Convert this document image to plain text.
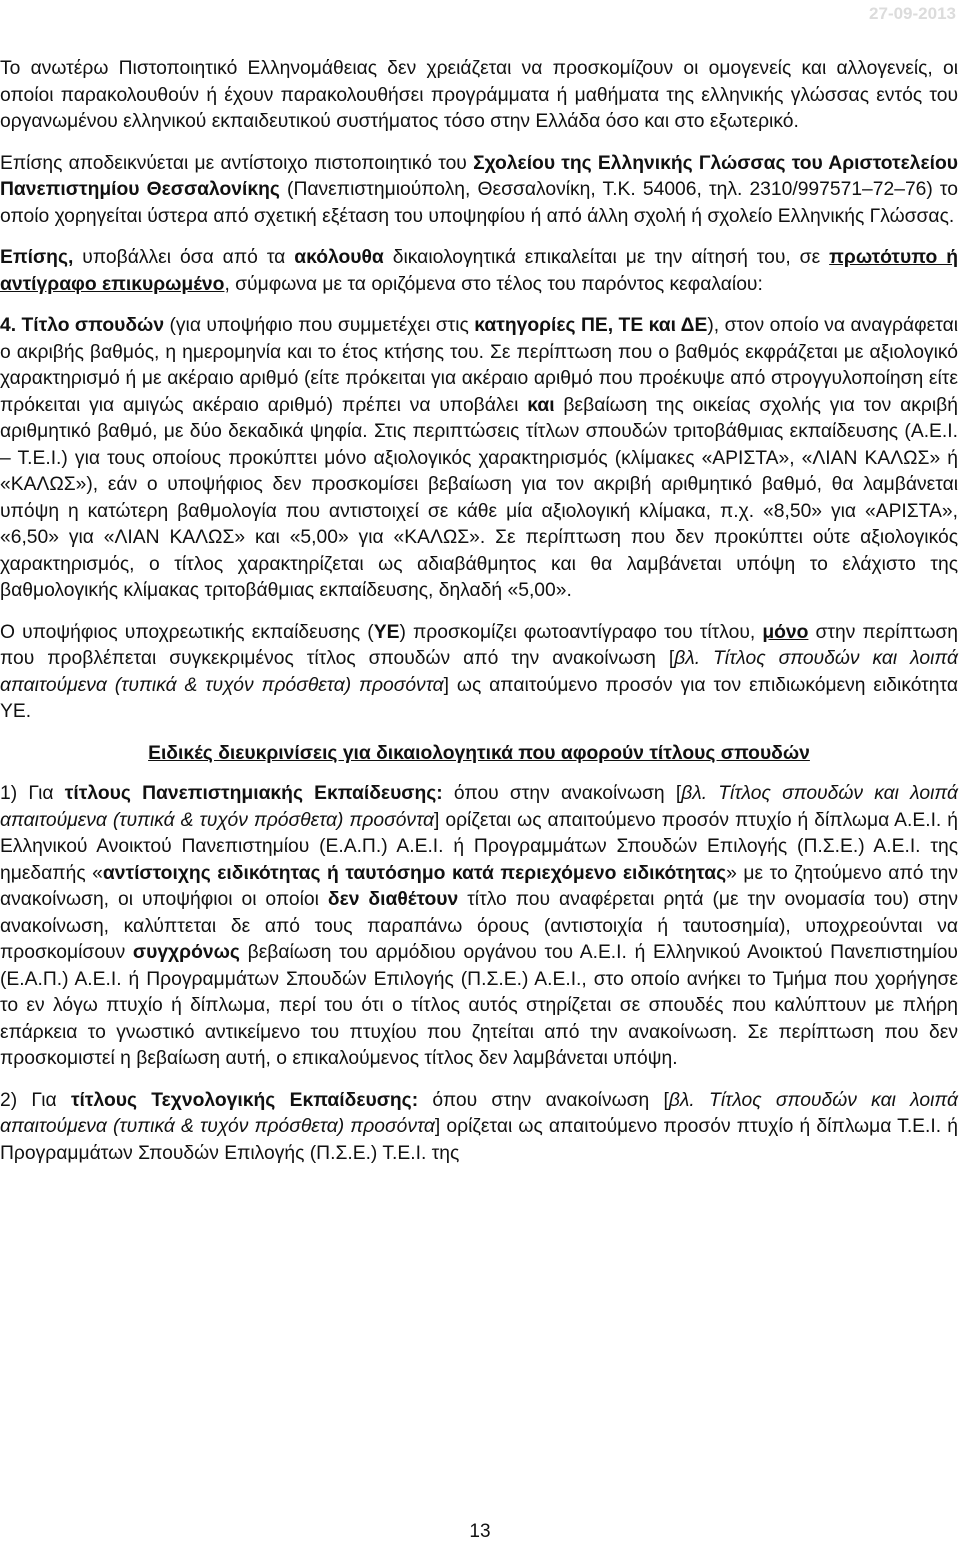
27-09-2013

Το ανωτέρω Πιστοποιητικό Ελληνομάθειας δεν χρειάζεται να προσκομίζουν οι ομογενείς και αλλογενείς, οι οποίοι παρακολουθούν ή έχουν παρακολουθήσει προγράμματα ή μαθήματα της ελληνικής γλώσσας εντός του οργανωμένου ελληνικού εκπαιδευτικού συστήματος τόσο στην Ελλάδα όσο και στο εξωτερικό.

Επίσης αποδεικνύεται με αντίστοιχο πιστοποιητικό του Σχολείου της Ελληνικής Γλώσσας του Αριστοτελείου Πανεπιστημίου Θεσσαλονίκης (Πανεπιστημιούπολη, Θεσσαλονίκη, Τ.Κ. 54006, τηλ. 2310/997571–72–76) το οποίο χορηγείται ύστερα από σχετική εξέταση του υποψηφίου ή από άλλη σχολή ή σχολείο Ελληνικής Γλώσσας.

Επίσης, υποβάλλει όσα από τα ακόλουθα δικαιολογητικά επικαλείται με την αίτησή του, σε πρωτότυπο ή αντίγραφο επικυρωμένο, σύμφωνα με τα οριζόμενα στο τέλος του παρόντος κεφαλαίου:

4. Τίτλο σπουδών (για υποψήφιο που συμμετέχει στις κατηγορίες ΠΕ, ΤΕ και ΔΕ), στον οποίο να αναγράφεται ο ακριβής βαθμός, η ημερομηνία και το έτος κτήσης του. Σε περίπτωση που ο βαθμός εκφράζεται με αξιολογικό χαρακτηρισμό ή με ακέραιο αριθμό (είτε πρόκειται για ακέραιο αριθμό που προέκυψε από στρογγυλοποίηση είτε πρόκειται για αμιγώς ακέραιο αριθμό) πρέπει να υποβάλει και βεβαίωση της οικείας σχολής για τον ακριβή αριθμητικό βαθμό, με δύο δεκαδικά ψηφία. Στις περιπτώσεις τίτλων σπουδών τριτοβάθμιας εκπαίδευσης (Α.Ε.Ι. – Τ.Ε.Ι.) για τους οποίους προκύπτει μόνο αξιολογικός χαρακτηρισμός (κλίμακες «ΑΡΙΣΤΑ», «ΛΙΑΝ ΚΑΛΩΣ» ή «ΚΑΛΩΣ»), εάν ο υποψήφιος δεν προσκομίσει βεβαίωση για τον ακριβή αριθμητικό βαθμό, θα λαμβάνεται υπόψη η κατώτερη βαθμολογία που αντιστοιχεί σε κάθε μία αξιολογική κλίμακα, π.χ. «8,50» για «ΑΡΙΣΤΑ», «6,50» για «ΛΙΑΝ ΚΑΛΩΣ» και «5,00» για «ΚΑΛΩΣ». Σε περίπτωση που δεν προκύπτει ούτε αξιολογικός χαρακτηρισμός, ο τίτλος χαρακτηρίζεται ως αδιαβάθμητος και θα λαμβάνεται υπόψη το ελάχιστο της βαθμολογικής κλίμακας τριτοβάθμιας εκπαίδευσης, δηλαδή «5,00».

Ο υποψήφιος υποχρεωτικής εκπαίδευσης (ΥΕ) προσκομίζει φωτοαντίγραφο του τίτλου, μόνο στην περίπτωση που προβλέπεται συγκεκριμένος τίτλος σπουδών από την ανακοίνωση [βλ. Τίτλος σπουδών και λοιπά απαιτούμενα (τυπικά & τυχόν πρόσθετα) προσόντα] ως απαιτούμενο προσόν για τον επιδιωκόμενη ειδικότητα ΥΕ.

Ειδικές διευκρινίσεις για δικαιολογητικά που αφορούν τίτλους σπουδών

1) Για τίτλους Πανεπιστημιακής Εκπαίδευσης: όπου στην ανακοίνωση [βλ. Τίτλος σπουδών και λοιπά απαιτούμενα (τυπικά & τυχόν πρόσθετα) προσόντα] ορίζεται ως απαιτούμενο προσόν πτυχίο ή δίπλωμα Α.Ε.Ι. ή Ελληνικού Ανοικτού Πανεπιστημίου (Ε.Α.Π.) Α.Ε.Ι. ή Προγραμμάτων Σπουδών Επιλογής (Π.Σ.Ε.) Α.Ε.Ι. της ημεδαπής «αντίστοιχης ειδικότητας ή ταυτόσημο κατά περιεχόμενο ειδικότητας» με το ζητούμενο από την ανακοίνωση, οι υποψήφιοι οι οποίοι δεν διαθέτουν τίτλο που αναφέρεται ρητά (με την ονομασία του) στην ανακοίνωση, καλύπτεται δε από τους παραπάνω όρους (αντιστοιχία ή ταυτοσημία), υποχρεούνται να προσκομίσουν συγχρόνως βεβαίωση του αρμόδιου οργάνου του Α.Ε.Ι. ή Ελληνικού Ανοικτού Πανεπιστημίου (Ε.Α.Π.) Α.Ε.Ι. ή Προγραμμάτων Σπουδών Επιλογής (Π.Σ.Ε.) Α.Ε.Ι., στο οποίο ανήκει το Τμήμα που χορήγησε το εν λόγω πτυχίο ή δίπλωμα, περί του ότι ο τίτλος αυτός στηρίζεται σε σπουδές που καλύπτουν με πλήρη επάρκεια το γνωστικό αντικείμενο του πτυχίου που ζητείται από την ανακοίνωση. Σε περίπτωση που δεν προσκομιστεί η βεβαίωση αυτή, ο επικαλούμενος τίτλος δεν λαμβάνεται υπόψη.

2) Για τίτλους Τεχνολογικής Εκπαίδευσης: όπου στην ανακοίνωση [βλ. Τίτλος σπουδών και λοιπά απαιτούμενα (τυπικά & τυχόν πρόσθετα) προσόντα] ορίζεται ως απαιτούμενο προσόν πτυχίο ή δίπλωμα Τ.Ε.Ι. ή Προγραμμάτων Σπουδών Επιλογής (Π.Σ.Ε.) Τ.Ε.Ι. της

13
